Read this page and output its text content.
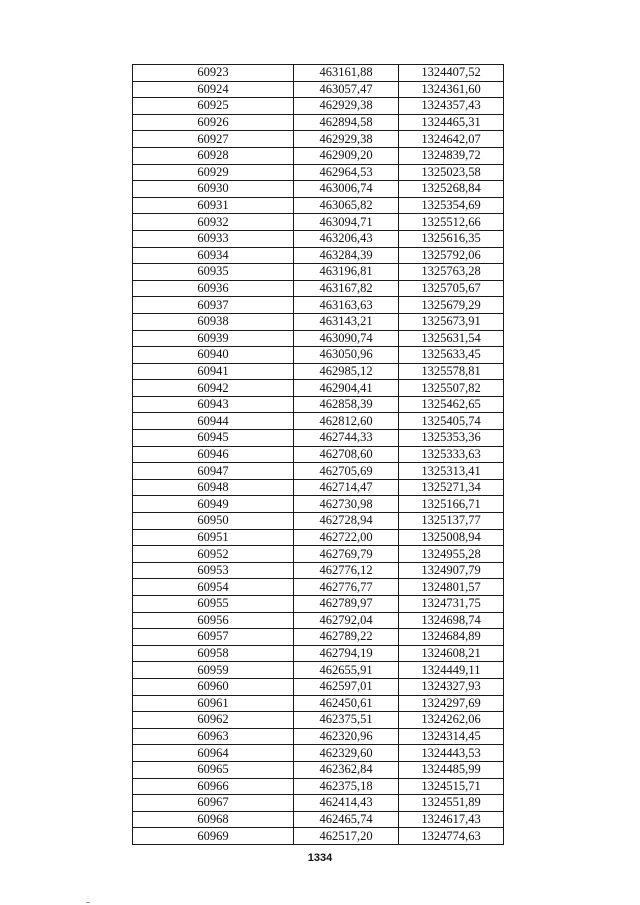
60923	463161,88	1324407,52
60924	463057,47	1324361,60
60925	462929,38	1324357,43
60926	462894,58	1324465,31
60927	462929,38	1324642,07
60928	462909,20	1324839,72
60929	462964,53	1325023,58
60930	463006,74	1325268,84
60931	463065,82	1325354,69
60932	463094,71	1325512,66
60933	463206,43	1325616,35
60934	463284,39	1325792,06
60935	463196,81	1325763,28
60936	463167,82	1325705,67
60937	463163,63	1325679,29
60938	463143,21	1325673,91
60939	463090,74	1325631,54
60940	463050,96	1325633,45
60941	462985,12	1325578,81
60942	462904,41	1325507,82
60943	462858,39	1325462,65
60944	462812,60	1325405,74
60945	462744,33	1325353,36
60946	462708,60	1325333,63
60947	462705,69	1325313,41
60948	462714,47	1325271,34
60949	462730,98	1325166,71
60950	462728,94	1325137,77
60951	462722,00	1325008,94
60952	462769,79	1324955,28
60953	462776,12	1324907,79
60954	462776,77	1324801,57
60955	462789,97	1324731,75
60956	462792,04	1324698,74
60957	462789,22	1324684,89
60958	462794,19	1324608,21
60959	462655,91	1324449,11
60960	462597,01	1324327,93
60961	462450,61	1324297,69
60962	462375,51	1324262,06
60963	462320,96	1324314,45
60964	462329,60	1324443,53
60965	462362,84	1324485,99
60966	462375,18	1324515,71
60967	462414,43	1324551,89
60968	462465,74	1324617,43
60969	462517,20	1324774,63
1334
